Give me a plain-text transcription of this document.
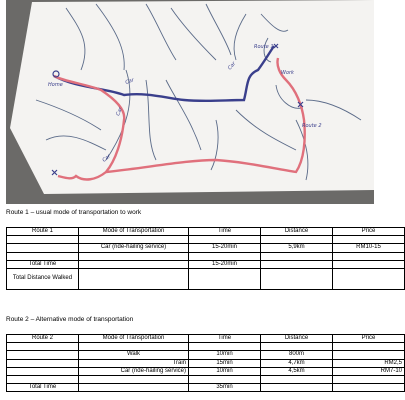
Home
Route 1
Route 2
Work
Car
Car
Car
Car
Route 1 – usual mode of transportation to work
Route 1	Mode of Transportation	Time	Distance	Price

	Car (ride-hailing service)	15-20min	5,9km	RM10-15

Total Time		15-20min		
Total Distance Walked				
Route 2 – Alternative mode of transportation
Route 2	Mode of Transportation	Time	Distance	Price

	Walk	10min	800m	
	Train	15min	4,7km	RM2,5
	Car (ride-hailing service)	10min	4,5km	RM7-10

Total Time		35min		
